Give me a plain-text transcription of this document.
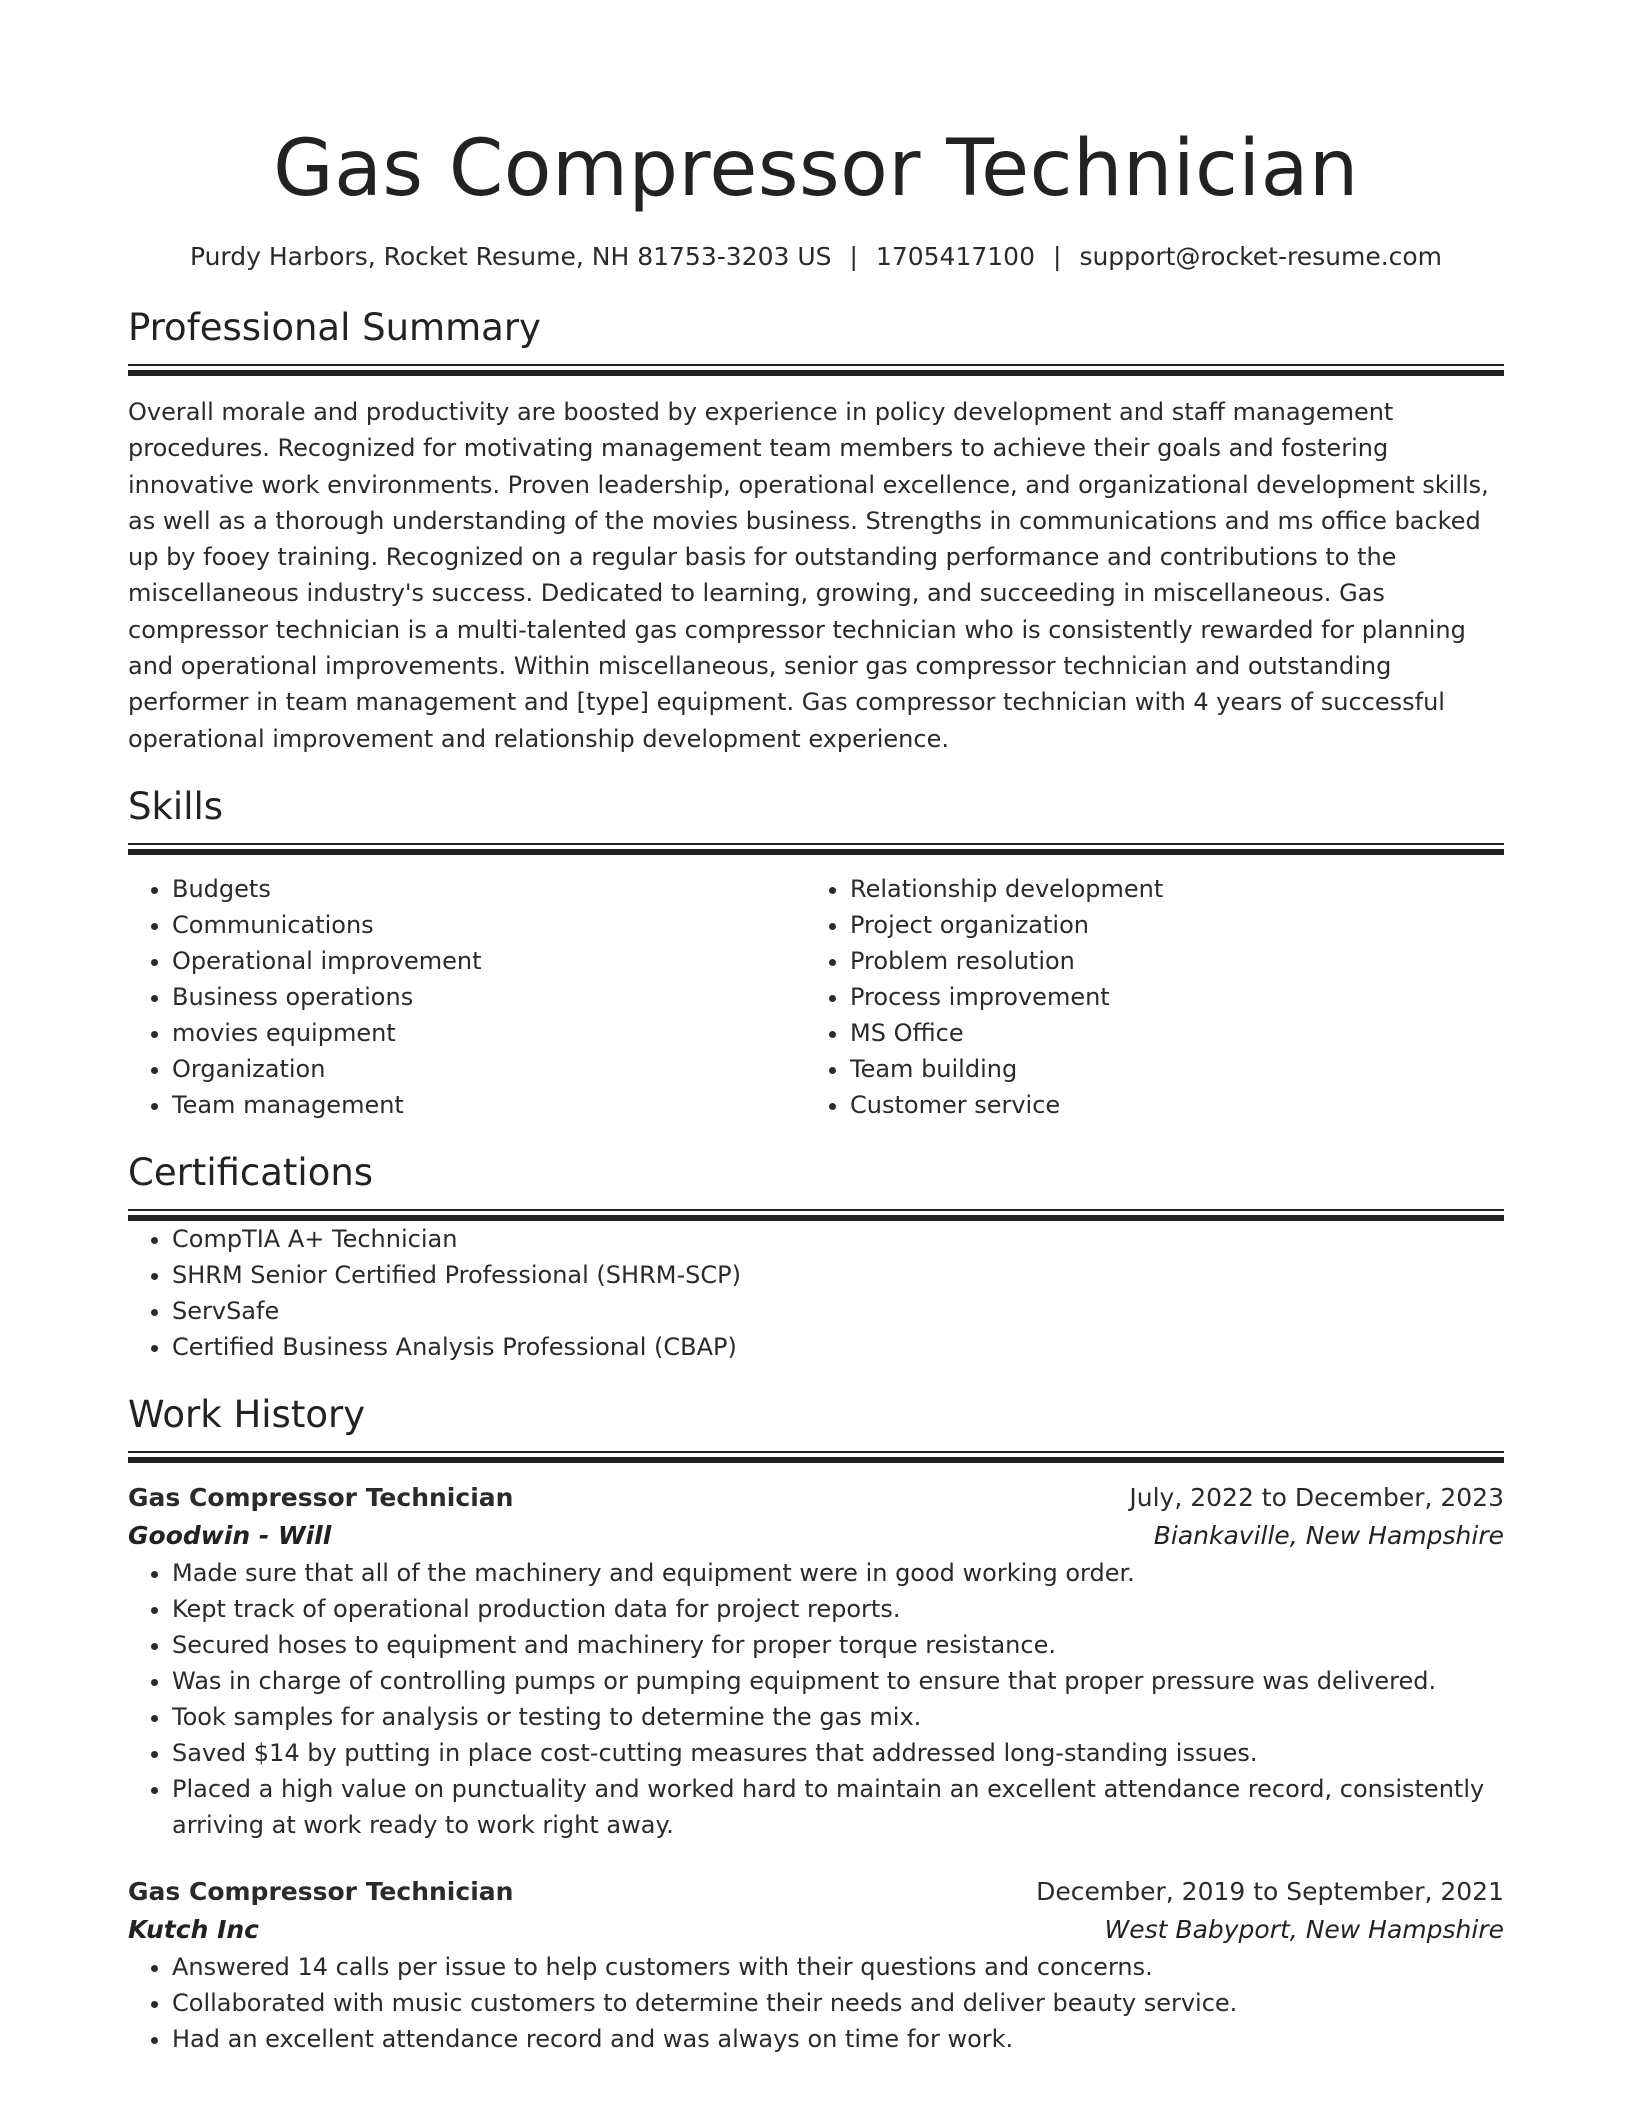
Gas Compressor Technician
Purdy Harbors, Rocket Resume, NH 81753-3203 US | 1705417100 | support@rocket-resume.com
Professional Summary
Overall morale and productivity are boosted by experience in policy development and staff management procedures. Recognized for motivating management team members to achieve their goals and fostering innovative work environments. Proven leadership, operational excellence, and organizational development skills, as well as a thorough understanding of the movies business. Strengths in communications and ms office backed up by fooey training. Recognized on a regular basis for outstanding performance and contributions to the miscellaneous industry's success. Dedicated to learning, growing, and succeeding in miscellaneous. Gas compressor technician is a multi-talented gas compressor technician who is consistently rewarded for planning and operational improvements. Within miscellaneous, senior gas compressor technician and outstanding performer in team management and [type] equipment. Gas compressor technician with 4 years of successful operational improvement and relationship development experience.
Skills
• Budgets
• Communications
• Operational improvement
• Business operations
• movies equipment
• Organization
• Team management
• Relationship development
• Project organization
• Problem resolution
• Process improvement
• MS Office
• Team building
• Customer service
Certifications
• CompTIA A+ Technician
• SHRM Senior Certified Professional (SHRM-SCP)
• ServSafe
• Certified Business Analysis Professional (CBAP)
Work History
Gas Compressor Technician	July, 2022 to December, 2023
Goodwin - Will	Biankaville, New Hampshire
• Made sure that all of the machinery and equipment were in good working order.
• Kept track of operational production data for project reports.
• Secured hoses to equipment and machinery for proper torque resistance.
• Was in charge of controlling pumps or pumping equipment to ensure that proper pressure was delivered.
• Took samples for analysis or testing to determine the gas mix.
• Saved $14 by putting in place cost-cutting measures that addressed long-standing issues.
• Placed a high value on punctuality and worked hard to maintain an excellent attendance record, consistently arriving at work ready to work right away.
Gas Compressor Technician	December, 2019 to September, 2021
Kutch Inc	West Babyport, New Hampshire
• Answered 14 calls per issue to help customers with their questions and concerns.
• Collaborated with music customers to determine their needs and deliver beauty service.
• Had an excellent attendance record and was always on time for work.
